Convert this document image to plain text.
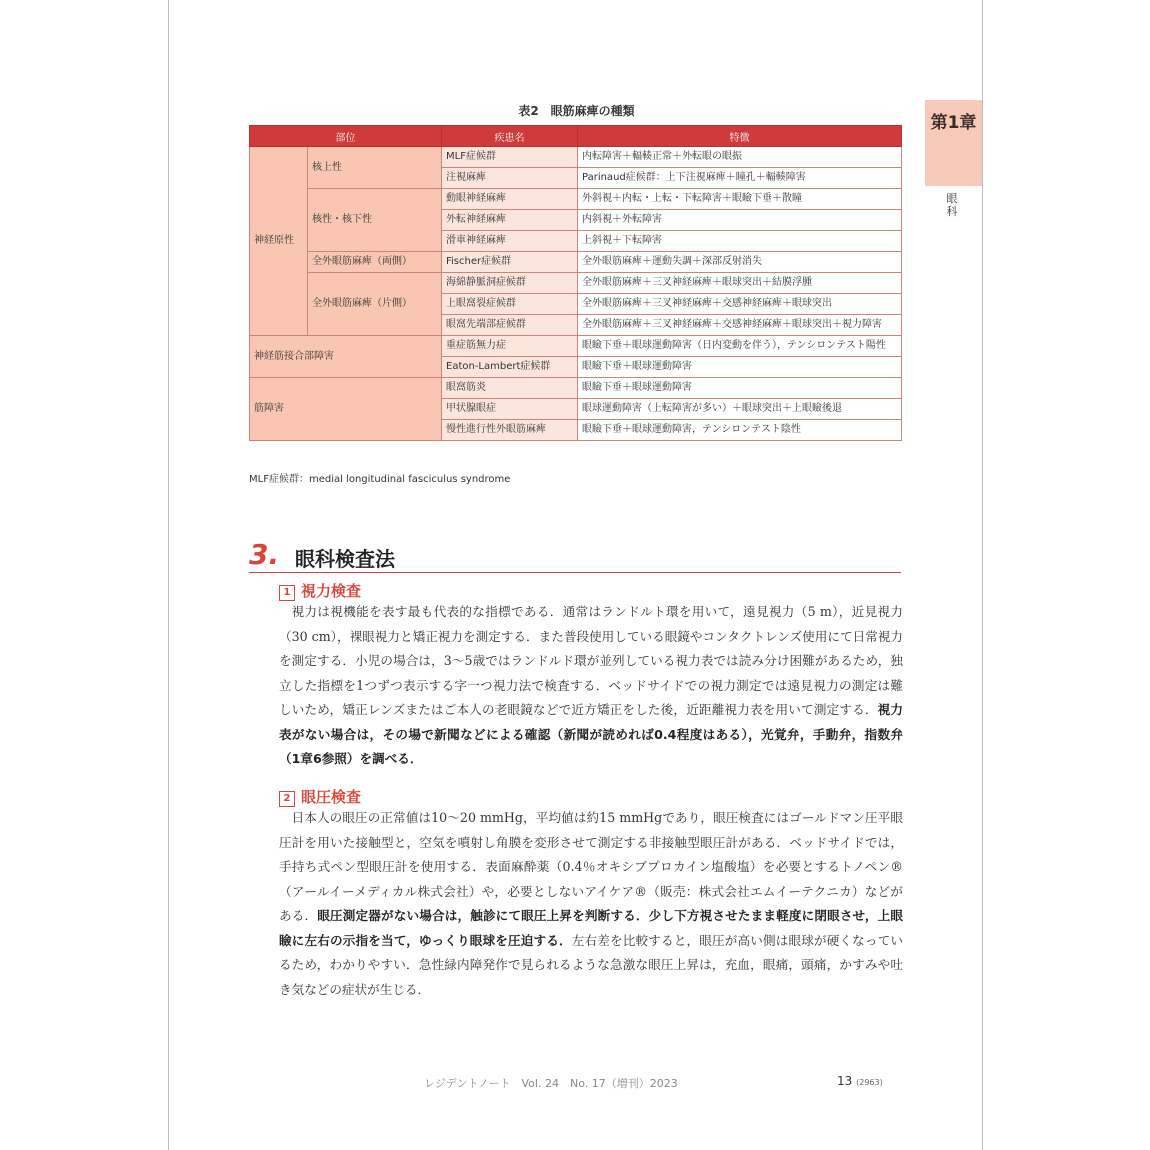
第1章
眼科
表2　眼筋麻痺の種類
部位		疾患名	特徴
神経原性	核上性	MLF症候群	内転障害＋輻輳正常＋外転眼の眼振
		注視麻痺	Parinaud症候群：上下注視麻痺＋瞳孔＋輻輳障害
	核性・核下性	動眼神経麻痺	外斜視＋内転・上転・下転障害＋眼瞼下垂＋散瞳
		外転神経麻痺	内斜視＋外転障害
		滑車神経麻痺	上斜視＋下転障害
	全外眼筋麻痺（両側）	Fischer症候群	全外眼筋麻痺＋運動失調＋深部反射消失
	全外眼筋麻痺（片側）	海綿静脈洞症候群	全外眼筋麻痺＋三叉神経麻痺＋眼球突出＋結膜浮腫
		上眼窩裂症候群	全外眼筋麻痺＋三叉神経麻痺＋交感神経麻痺＋眼球突出
		眼窩先端部症候群	全外眼筋麻痺＋三叉神経麻痺＋交感神経麻痺＋眼球突出＋視力障害
神経筋接合部障害		重症筋無力症	眼瞼下垂＋眼球運動障害（日内変動を伴う），テンシロンテスト陽性
		Eaton-Lambert症候群	眼瞼下垂＋眼球運動障害
筋障害		眼窩筋炎	眼瞼下垂＋眼球運動障害
		甲状腺眼症	眼球運動障害（上転障害が多い）＋眼球突出＋上眼瞼後退
		慢性進行性外眼筋麻痺	眼瞼下垂＋眼球運動障害，テンシロンテスト陰性
MLF症候群：medial longitudinal fasciculus syndrome
3. 眼科検査法
1 視力検査
視力は視機能を表す最も代表的な指標である．通常はランドルト環を用いて，遠見視力（5 m），近見視力（30 cm），裸眼視力と矯正視力を測定する．また普段使用している眼鏡やコンタクトレンズ使用にて日常視力を測定する．小児の場合は，3～5歳ではランドルド環が並列している視力表では読み分け困難があるため，独立した指標を1つずつ表示する字一つ視力法で検査する．ベッドサイドでの視力測定では遠見視力の測定は難しいため，矯正レンズまたはご本人の老眼鏡などで近方矯正をした後，近距離視力表を用いて測定する．視力表がない場合は，その場で新聞などによる確認（新聞が読めれば0.4程度はある），光覚弁，手動弁，指数弁（1章6参照）を調べる．
2 眼圧検査
日本人の眼圧の正常値は10～20 mmHg，平均値は約15 mmHgであり，眼圧検査にはゴールドマン圧平眼圧計を用いた接触型と，空気を噴射し角膜を変形させて測定する非接触型眼圧計がある．ベッドサイドでは，手持ち式ペン型眼圧計を使用する．表面麻酔薬（0.4％オキシブプロカイン塩酸塩）を必要とするトノペン®（アールイーメディカル株式会社）や，必要としないアイケア®（販売：株式会社エムイーテクニカ）などがある．眼圧測定器がない場合は，触診にて眼圧上昇を判断する．少し下方視させたまま軽度に閉眼させ，上眼瞼に左右の示指を当て，ゆっくり眼球を圧迫する．左右差を比較すると，眼圧が高い側は眼球が硬くなっているため，わかりやすい．急性緑内障発作で見られるような急激な眼圧上昇は，充血，眼痛，頭痛，かすみや吐き気などの症状が生じる．
レジデントノート　Vol. 24　No. 17（増刊）2023	13 (2963)
